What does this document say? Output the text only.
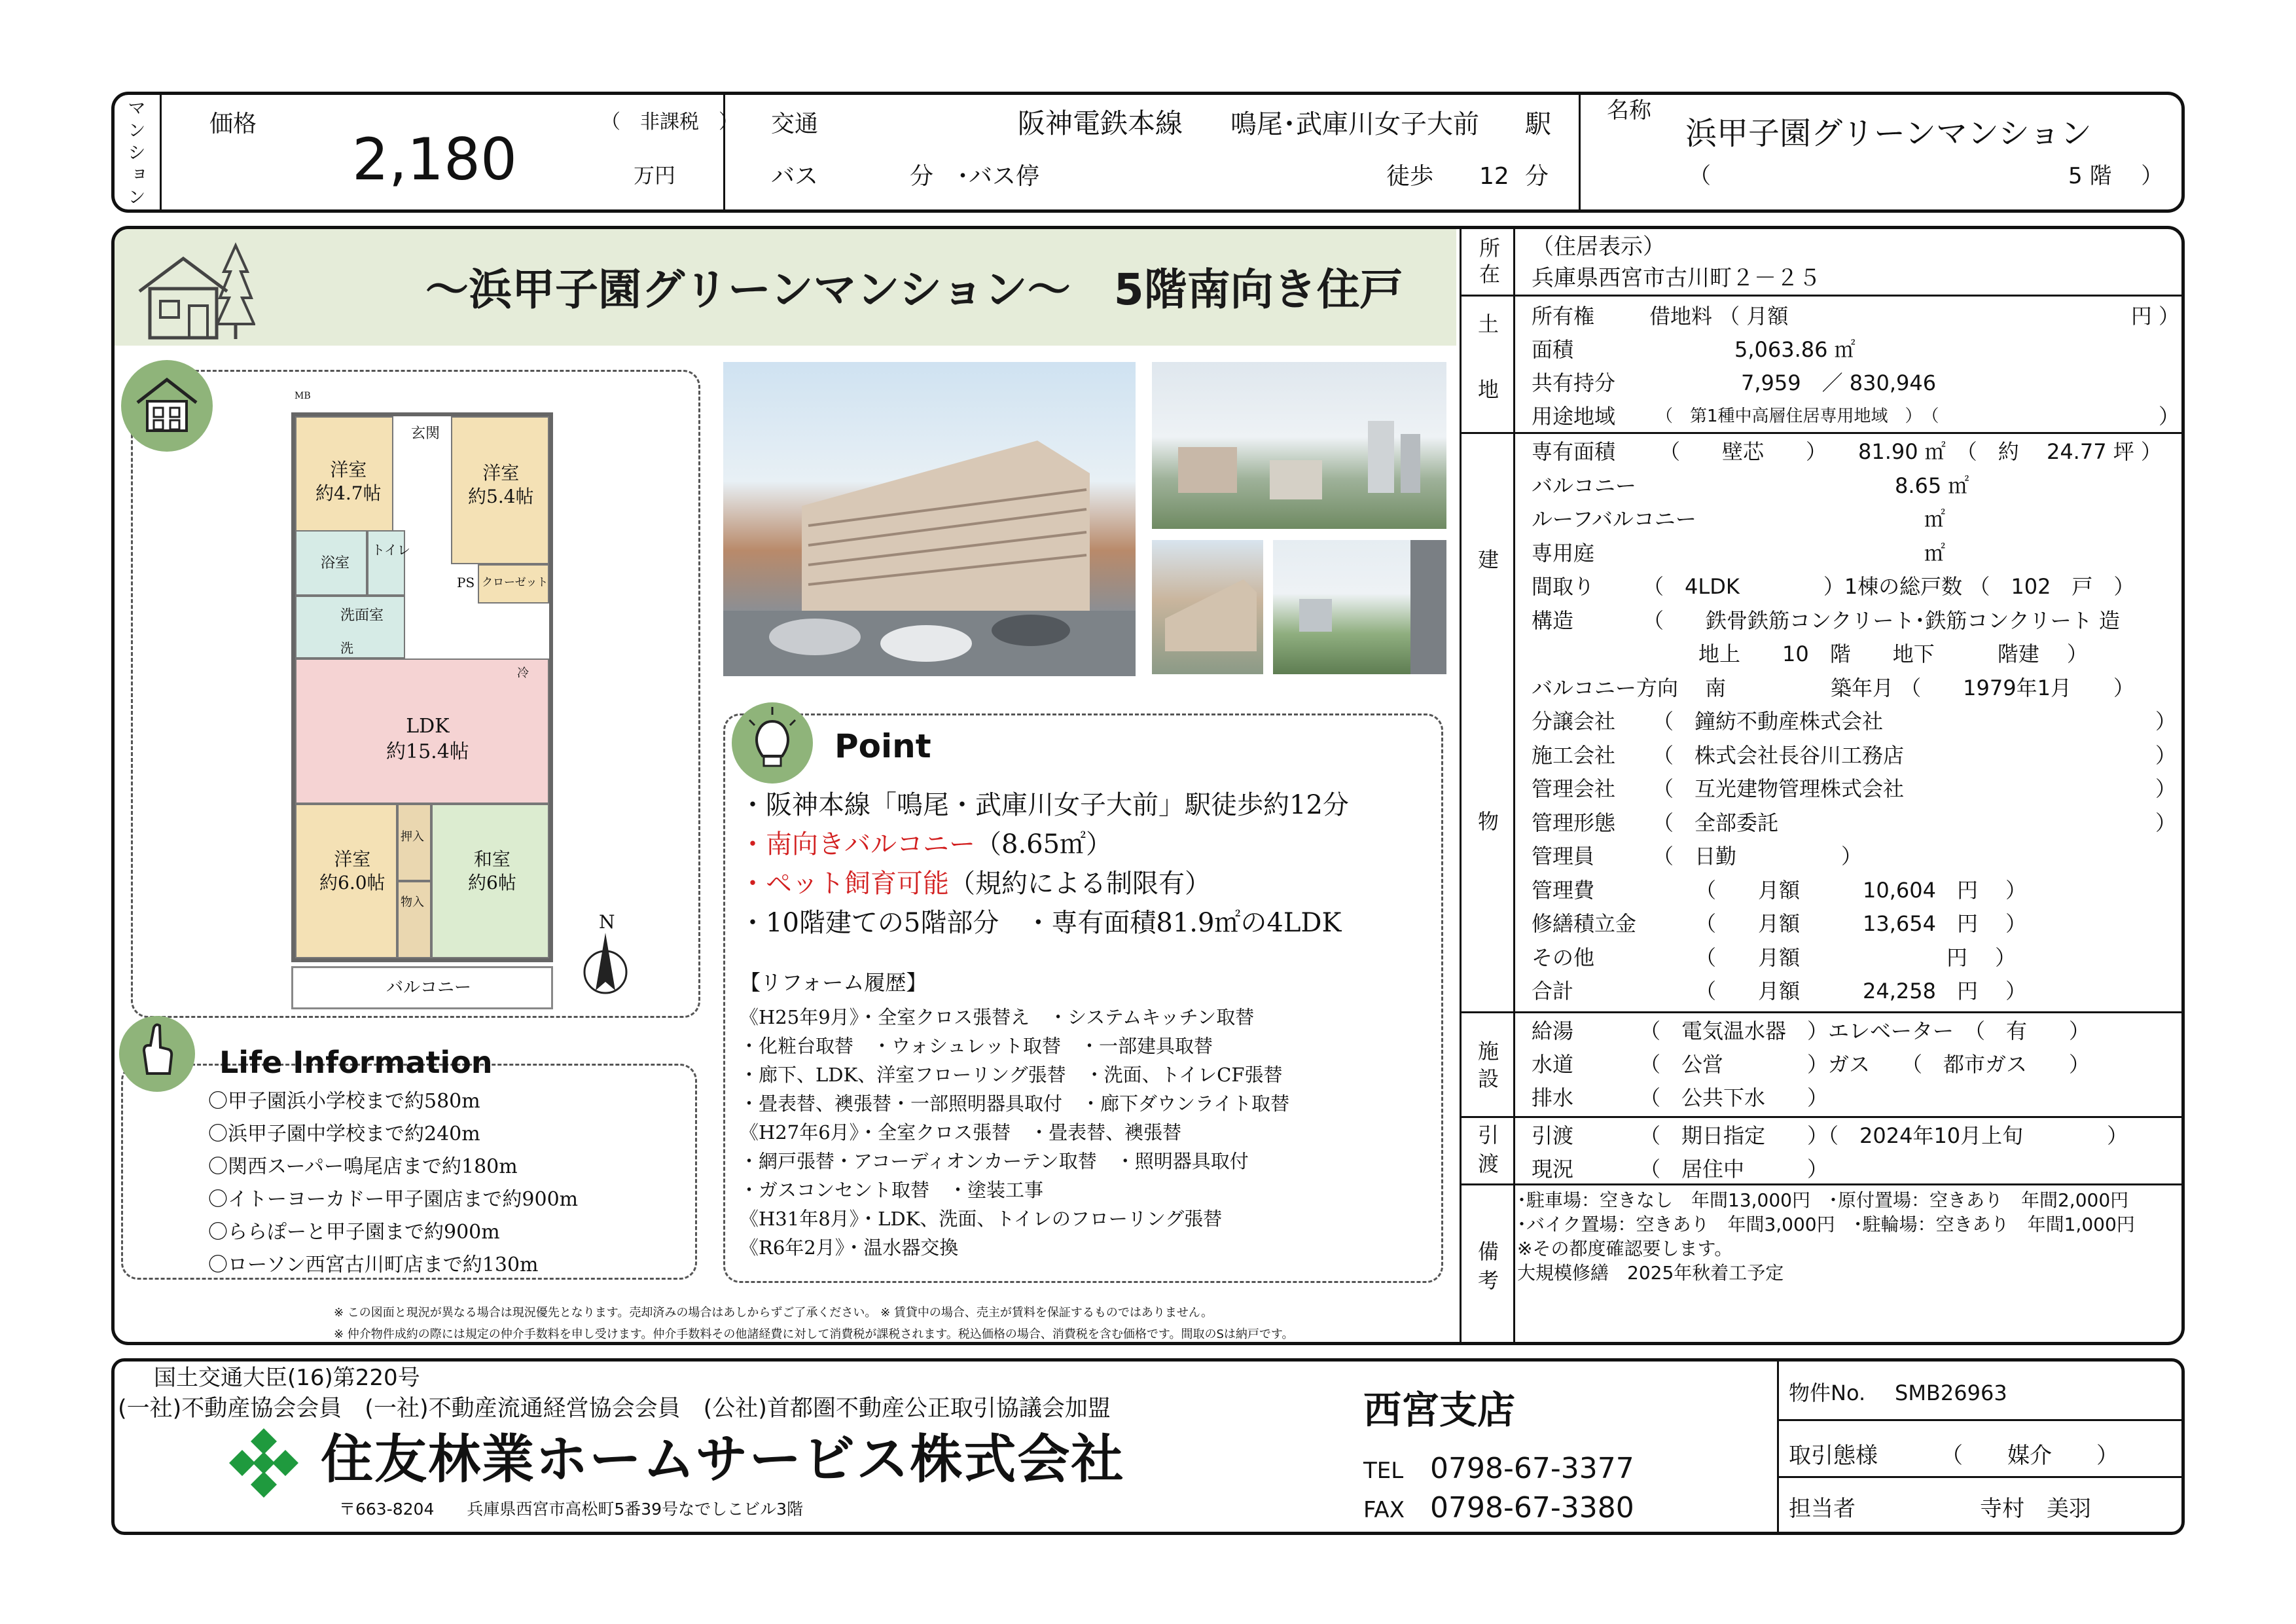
マンション	価格	（　非課税　）
2,180	万円
交通	阪神電鉄本線 鳴尾･武庫川女子大前 駅
バス	分　･バス停	徒歩 12 分
名称
浜甲子園グリーンマンション
（	5 階　 ）
～浜甲子園グリーンマンション～　5階南向き住戸
MB
玄関
洋室
約4.7帖
洋室
約5.4帖
浴室
トイレ
PS クローゼット
洗面室
洗
冷
LDK
約15.4帖
洋室
約6.0帖
押入
物入
和室
約6帖
バルコニー
N
Point
・阪神本線「鳴尾・武庫川女子大前」駅徒歩約12分
・南向きバルコニー（8.65㎡）
・ペット飼育可能（規約による制限有）
・10階建ての5階部分　・専有面積81.9㎡の4LDK
【リフォーム履歴】
《H25年9月》・全室クロス張替え　・システムキッチン取替
・化粧台取替　・ウォシュレット取替　・一部建具取替
・廊下、LDK、洋室フローリング張替　・洗面、トイレCF張替
・畳表替、襖張替・一部照明器具取付　・廊下ダウンライト取替
《H27年6月》・全室クロス張替　・畳表替、襖張替
・網戸張替・アコーディオンカーテン取替　・照明器具取付
・ガスコンセント取替　・塗装工事
《H31年8月》・LDK、洗面、トイレのフローリング張替
《R6年2月》・温水器交換
Life Information
〇甲子園浜小学校まで約580m
〇浜甲子園中学校まで約240m
〇関西スーパー鳴尾店まで約180m
〇イトーヨーカドー甲子園店まで約900m
〇ららぽーと甲子園まで約900m
〇ローソン西宮古川町店まで約130m
※ この図面と現況が異なる場合は現況優先となります。売却済みの場合はあしからずご了承ください。 ※ 賃貸中の場合、売主が賃料を保証するものではありません。
※ 仲介物件成約の際には規定の仲介手数料を申し受けます。仲介手数料その他諸経費に対して消費税が課税されます。税込価格の場合、消費税を含む価格です。間取のSは納戸です。
所在 （住居表示）
兵庫県西宮市古川町２－２５
土

地
所有権	借地料 （ 月額	円 ）
面積	5,063.86 ㎡
共有持分	7,959　／ 830,946
用途地域 （　第1種中高層住居専用地域　）　（	）
建

物
専有面積 （　　壁芯　　）　　81.90 ㎡　（　約　 24.77 坪 ）
バルコニー	8.65 ㎡
ルーフバルコニー	㎡
専用庭	㎡
間取り （　4LDK　　　　）1棟の総戸数 （　102　戸　）
構造	（　　鉄骨鉄筋コンクリート･鉄筋コンクリート 造
地上　　10　階　　地下　　　階建　 ）
バルコニー方向 南　　　　　築年月 （　　1979年1月　　）
分譲会社 （　鐘紡不動産株式会社　　　　　　　　　　　　　）
施工会社 （　株式会社長谷川工務店　　　　　　　　　　　　）
管理会社 （　互光建物管理株式会社　　　　　　　　　　　　）
管理形態 （　全部委託　　　　　　　　　　　　　　　　　　）
管理員	（　日勤　　　　　）
管理費	（　　月額　　　10,604　円　 ）
修繕積立金	（　　月額　　　13,654　円　 ）
その他	（　　月額　　　　　　　円　 ）
合計	（　　月額　　　24,258　円　 ）
施
設
給湯	（　電気温水器　）エレベーター　（　有　　）
水道	（　公営　　　　）ガス　　（　都市ガス　　）
排水	（　公共下水　　）
引
渡
引渡	（　期日指定　　）（　2024年10月上旬　　　　）
現況	（　居住中　　　）
備
考
･駐車場：空きなし　年間13,000円　･原付置場：空きあり　年間2,000円
･バイク置場：空きあり　年間3,000円　･駐輪場：空きあり　年間1,000円
※その都度確認要します。
大規模修繕　2025年秋着工予定
国土交通大臣(16)第220号
(一社)不動産協会会員　(一社)不動産流通経営協会会員　(公社)首都圏不動産公正取引協議会加盟
住友林業ホームサービス株式会社
〒663-8204　　兵庫県西宮市高松町5番39号なでしこビル3階
西宮支店
TEL 0798-67-3377
FAX 0798-67-3380
物件No. SMB26963
取引態様	（　　媒介　　）
担当者	寺村　美羽
